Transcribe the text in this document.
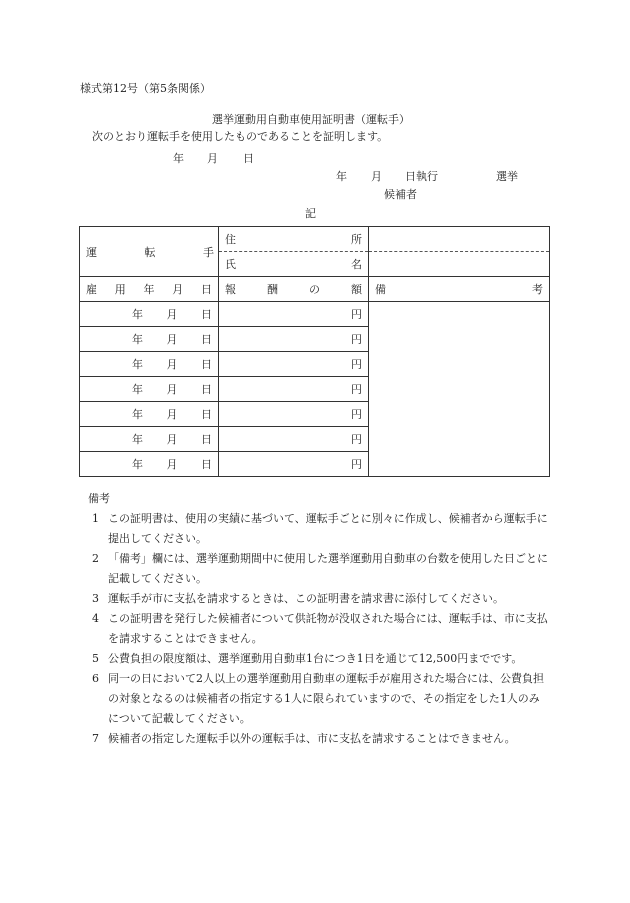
様式第12号（第5条関係）
選挙運動用自動車使用証明書（運転手）
次のとおり運転手を使用したものであることを証明します。
年 月 日
年 月 日執行	選挙
候補者
記
運 転 手	住 所	

	氏 名	

雇 用 年 月 日	報 酬 の 額	備 考

年 月 日	円	

年 月 日	円	

年 月 日	円	

年 月 日	円	

年 月 日	円	

年 月 日	円	

年 月 日	円	
備考
1 この証明書は、使用の実績に基づいて、運転手ごとに別々に作成し、候補者から運転手に提出してください。
2 「備考」欄には、選挙運動期間中に使用した選挙運動用自動車の台数を使用した日ごとに記載してください。
3 運転手が市に支払を請求するときは、この証明書を請求書に添付してください。
4 この証明書を発行した候補者について供託物が没収された場合には、運転手は、市に支払を請求することはできません。
5 公費負担の限度額は、選挙運動用自動車1台につき1日を通じて12,500円までです。
6 同一の日において2人以上の選挙運動用自動車の運転手が雇用された場合には、公費負担の対象となるのは候補者の指定する1人に限られていますので、その指定をした1人のみについて記載してください。
7 候補者の指定した運転手以外の運転手は、市に支払を請求することはできません。
